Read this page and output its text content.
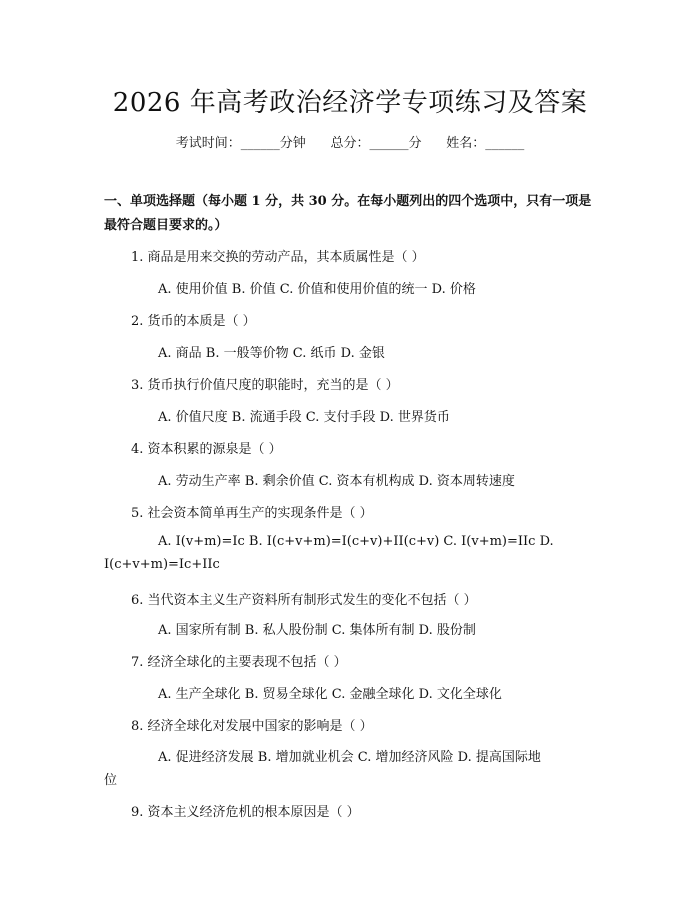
2026 年高考政治经济学专项练习及答案
考试时间：______分钟      总分：______分      姓名：______
一、单项选择题（每小题 1 分，共 30 分。在每小题列出的四个选项中，只有一项是最符合题目要求的。）
1. 商品是用来交换的劳动产品，其本质属性是（ ）
A. 使用价值 B. 价值 C. 价值和使用价值的统一 D. 价格
2. 货币的本质是（ ）
A. 商品 B. 一般等价物 C. 纸币 D. 金银
3. 货币执行价值尺度的职能时，充当的是（ ）
A. 价值尺度 B. 流通手段 C. 支付手段 D. 世界货币
4. 资本积累的源泉是（ ）
A. 劳动生产率 B. 剩余价值 C. 资本有机构成 D. 资本周转速度
5. 社会资本简单再生产的实现条件是（ ）
A. I(v+m)=Ic B. I(c+v+m)=I(c+v)+II(c+v) C. I(v+m)=IIc D.
I(c+v+m)=Ic+IIc
6. 当代资本主义生产资料所有制形式发生的变化不包括（ ）
A. 国家所有制 B. 私人股份制 C. 集体所有制 D. 股份制
7. 经济全球化的主要表现不包括（ ）
A. 生产全球化 B. 贸易全球化 C. 金融全球化 D. 文化全球化
8. 经济全球化对发展中国家的影响是（ ）
A. 促进经济发展 B. 增加就业机会 C. 增加经济风险 D. 提高国际地
位
9. 资本主义经济危机的根本原因是（ ）
